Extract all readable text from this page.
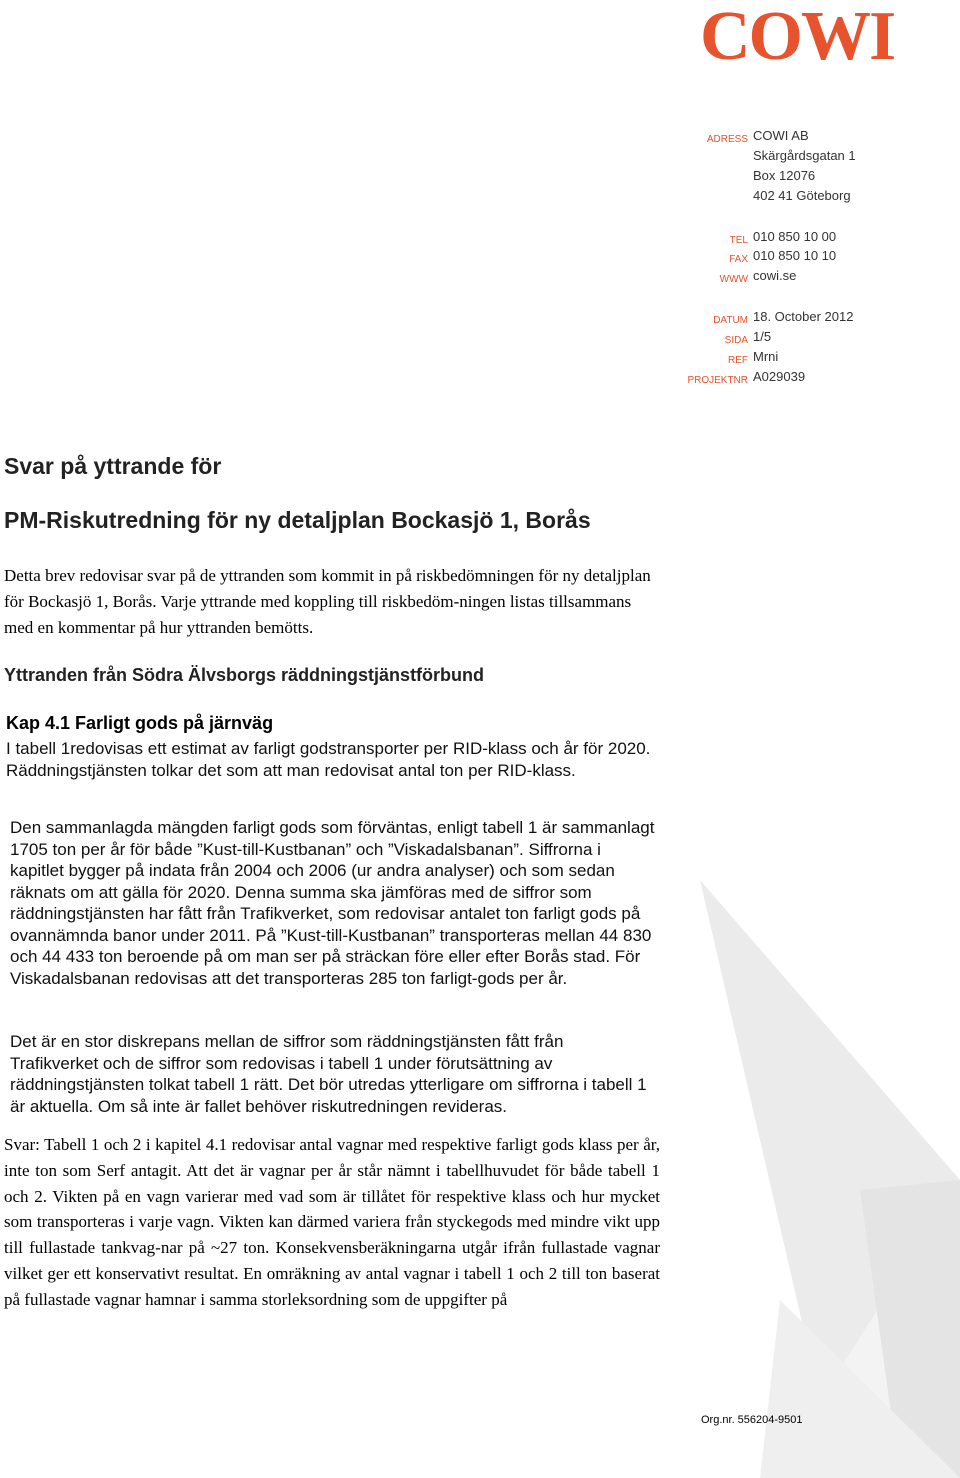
COWI
ADRESS COWI AB
Skärgårdsgatan 1
Box 12076
402 41 Göteborg
TEL 010 850 10 00
FAX 010 850 10 10
WWW cowi.se
DATUM 18. October 2012
SIDA 1/5
REF Mrni
PROJEKTNR A029039
Svar på yttrande för
PM-Riskutredning för ny detaljplan Bockasjö 1, Borås

Detta brev redovisar svar på de yttranden som kommit in på riskbedömningen för ny detaljplan för Bockasjö 1, Borås. Varje yttrande med koppling till riskbedöm-ningen listas tillsammans med en kommentar på hur yttranden bemötts.

Yttranden från Södra Älvsborgs räddningstjänstförbund
Kap 4.1 Farligt gods på järnväg

I tabell 1redovisas ett estimat av farligt godstransporter per RID-klass och år för 2020. Räddningstjänsten tolkar det som att man redovisat antal ton per RID-klass.

Den sammanlagda mängden farligt gods som förväntas, enligt tabell 1 är sammanlagt 1705 ton per år för både ”Kust-till-Kustbanan” och ”Viskadalsbanan”. Siffrorna i kapitlet bygger på indata från 2004 och 2006 (ur andra analyser) och som sedan räknats om att gälla för 2020. Denna summa ska jämföras med de siffror som räddningstjänsten har fått från Trafikverket, som redovisar antalet ton farligt gods på ovannämnda banor under 2011. På ”Kust-till-Kustbanan” transporteras mellan 44 830 och 44 433 ton beroende på om man ser på sträckan före eller efter Borås stad. För Viskadalsbanan redovisas att det transporteras 285 ton farligt-gods per år.

Det är en stor diskrepans mellan de siffror som räddningstjänsten fått från Trafikverket och de siffror som redovisas i tabell 1 under förutsättning av räddningstjänsten tolkat tabell 1 rätt. Det bör utredas ytterligare om siffrorna i tabell 1 är aktuella. Om så inte är fallet behöver riskutredningen revideras.

Svar: Tabell 1 och 2 i kapitel 4.1 redovisar antal vagnar med respektive farligt gods klass per år, inte ton som Serf antagit. Att det är vagnar per år står nämnt i tabellhuvudet för både tabell 1 och 2. Vikten på en vagn varierar med vad som är tillåtet för respektive klass och hur mycket som transporteras i varje vagn. Vikten kan därmed variera från styckegods med mindre vikt upp till fullastade tankvag-nar på ~27 ton. Konsekvensberäkningarna utgår ifrån fullastade vagnar vilket ger ett konservativt resultat. En omräkning av antal vagnar i tabell 1 och 2 till ton baserat på fullastade vagnar hamnar i samma storleksordning som de uppgifter på

Org.nr. 556204-9501
